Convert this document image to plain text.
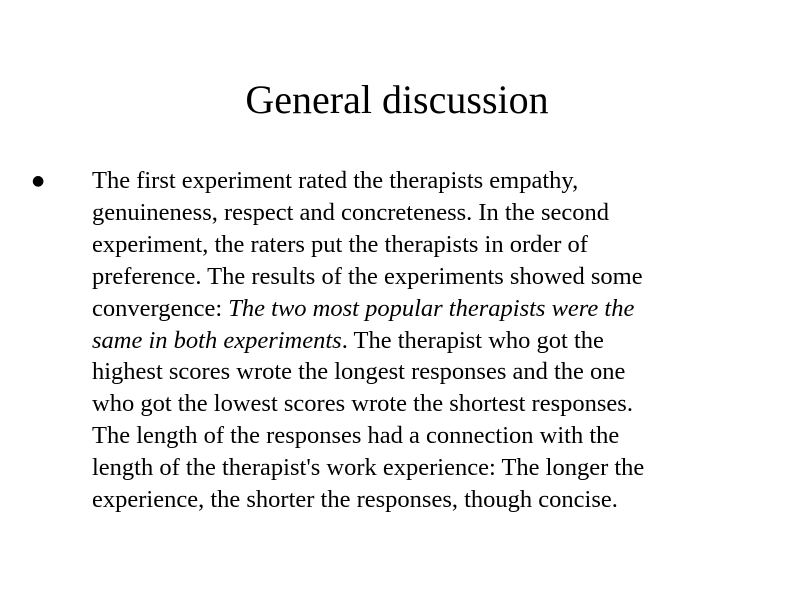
General discussion
● The first experiment rated the therapists empathy,
genuineness, respect and concreteness. In the second
experiment, the raters put the therapists in order of
preference. The results of the experiments showed some
convergence: The two most popular therapists were the
same in both experiments. The therapist who got the
highest scores wrote the longest responses and the one
who got the lowest scores wrote the shortest responses.
The length of the responses had a connection with the
length of the therapist's work experience: The longer the
experience, the shorter the responses, though concise.
